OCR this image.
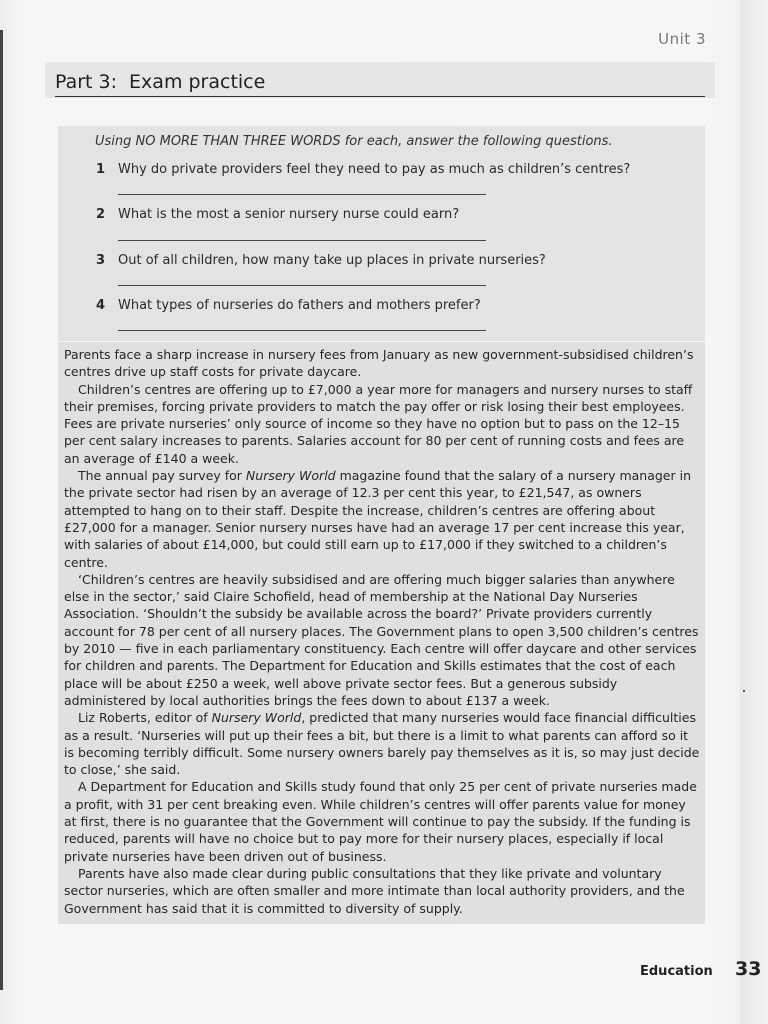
Unit 3
Part 3: Exam practice
Using NO MORE THAN THREE WORDS for each, answer the following questions.
1 Why do private providers feel they need to pay as much as children’s centres?
2 What is the most a senior nursery nurse could earn?
3 Out of all children, how many take up places in private nurseries?
4 What types of nurseries do fathers and mothers prefer?

Parents face a sharp increase in nursery fees from January as new government-subsidised children’s centres drive up staff costs for private daycare.

Children’s centres are offering up to £7,000 a year more for managers and nursery nurses to staff their premises, forcing private providers to match the pay offer or risk losing their best employees. Fees are private nurseries’ only source of income so they have no option but to pass on the 12–15 per cent salary increases to parents. Salaries account for 80 per cent of running costs and fees are an average of £140 a week.

The annual pay survey for Nursery World magazine found that the salary of a nursery manager in the private sector had risen by an average of 12.3 per cent this year, to £21,547, as owners attempted to hang on to their staff. Despite the increase, children’s centres are offering about £27,000 for a manager. Senior nursery nurses have had an average 17 per cent increase this year, with salaries of about £14,000, but could still earn up to £17,000 if they switched to a children’s centre.

‘Children’s centres are heavily subsidised and are offering much bigger salaries than anywhere else in the sector,’ said Claire Schofield, head of membership at the National Day Nurseries Association. ‘Shouldn’t the subsidy be available across the board?’ Private providers currently account for 78 per cent of all nursery places. The Government plans to open 3,500 children’s centres by 2010 — five in each parliamentary constituency. Each centre will offer daycare and other services for children and parents. The Department for Education and Skills estimates that the cost of each place will be about £250 a week, well above private sector fees. But a generous subsidy administered by local authorities brings the fees down to about £137 a week.

Liz Roberts, editor of Nursery World, predicted that many nurseries would face financial difficulties as a result. ‘Nurseries will put up their fees a bit, but there is a limit to what parents can afford so it is becoming terribly difficult. Some nursery owners barely pay themselves as it is, so may just decide to close,’ she said.

A Department for Education and Skills study found that only 25 per cent of private nurseries made a profit, with 31 per cent breaking even. While children’s centres will offer parents value for money at first, there is no guarantee that the Government will continue to pay the subsidy. If the funding is reduced, parents will have no choice but to pay more for their nursery places, especially if local private nurseries have been driven out of business.

Parents have also made clear during public consultations that they like private and voluntary sector nurseries, which are often smaller and more intimate than local authority providers, and the Government has said that it is committed to diversity of supply.

Education 33
